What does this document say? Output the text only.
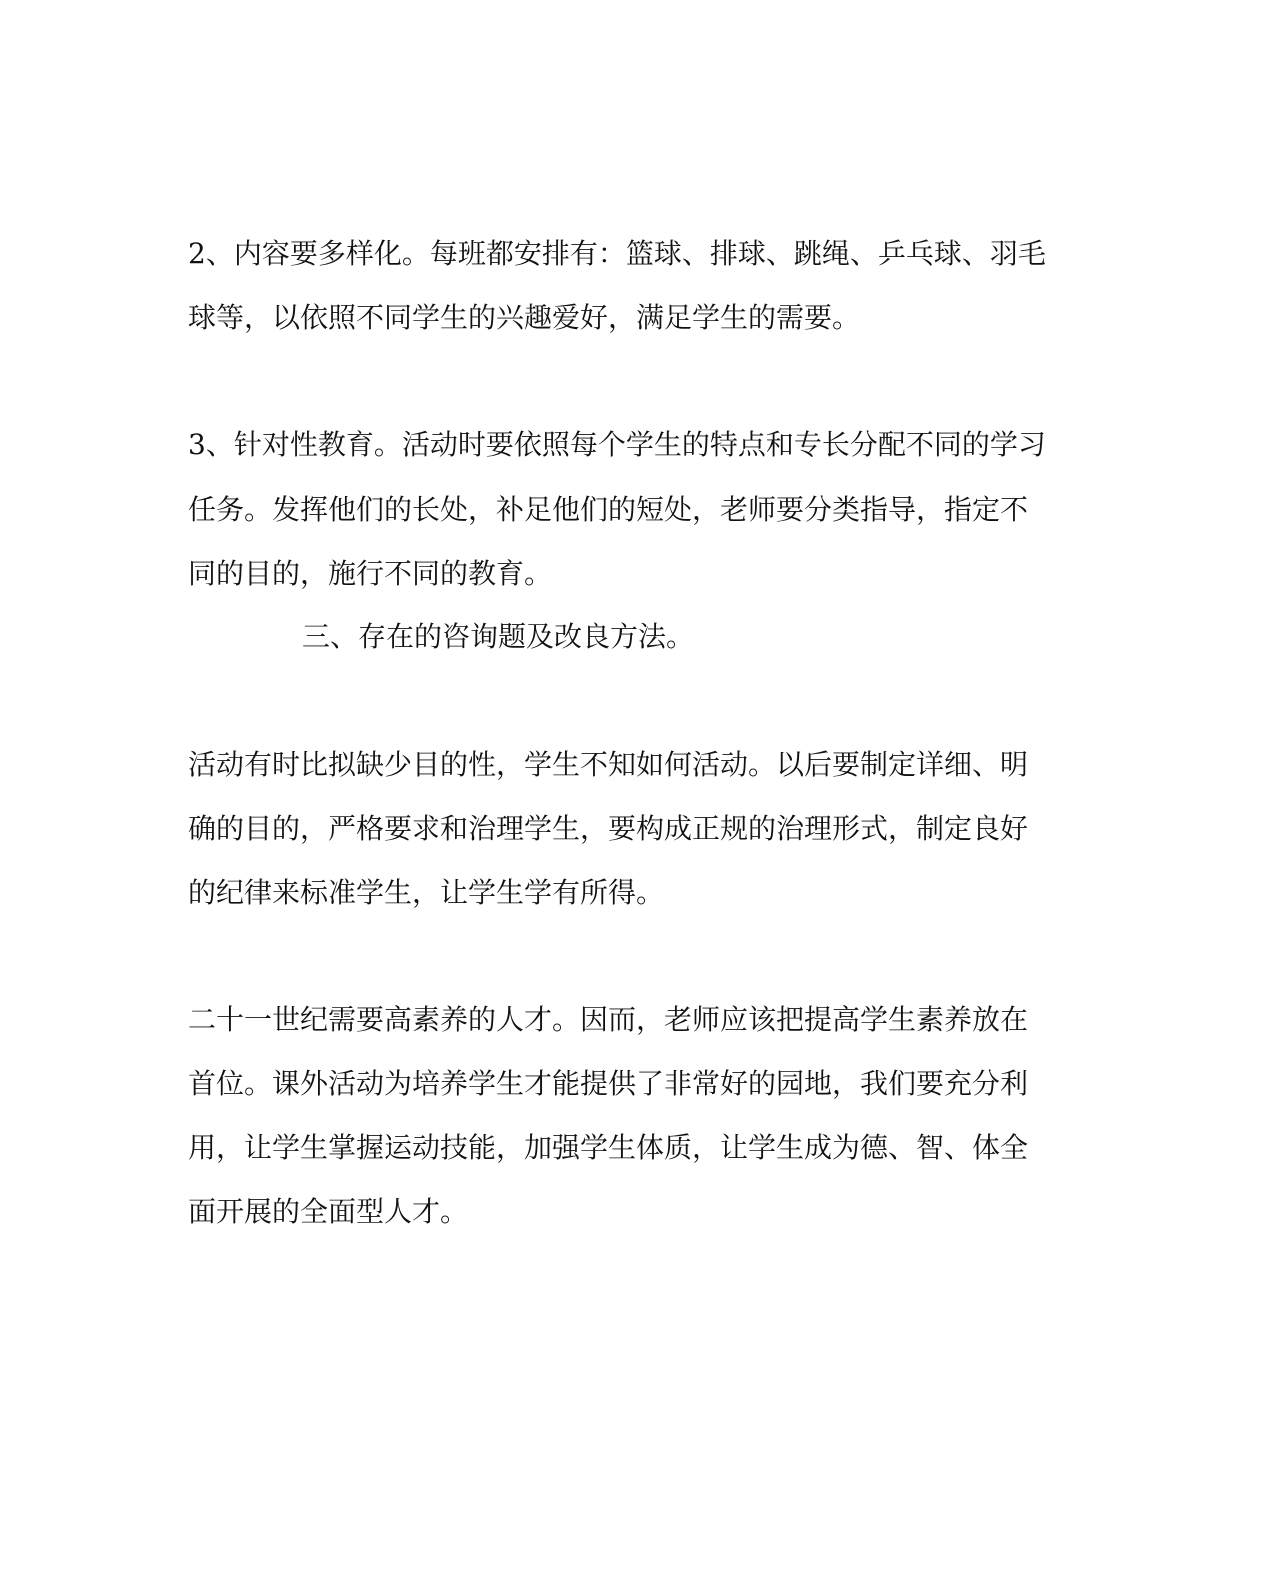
2、内容要多样化。每班都安排有：篮球、排球、跳绳、乒乓球、羽毛

球等，以依照不同学生的兴趣爱好，满足学生的需要。

3、针对性教育。活动时要依照每个学生的特点和专长分配不同的学习

任务。发挥他们的长处，补足他们的短处，老师要分类指导，指定不

同的目的，施行不同的教育。

三、存在的咨询题及改良方法。

活动有时比拟缺少目的性，学生不知如何活动。以后要制定详细、明

确的目的，严格要求和治理学生，要构成正规的治理形式，制定良好

的纪律来标准学生，让学生学有所得。

二十一世纪需要高素养的人才。因而，老师应该把提高学生素养放在

首位。课外活动为培养学生才能提供了非常好的园地，我们要充分利

用，让学生掌握运动技能，加强学生体质，让学生成为德、智、体全

面开展的全面型人才。
